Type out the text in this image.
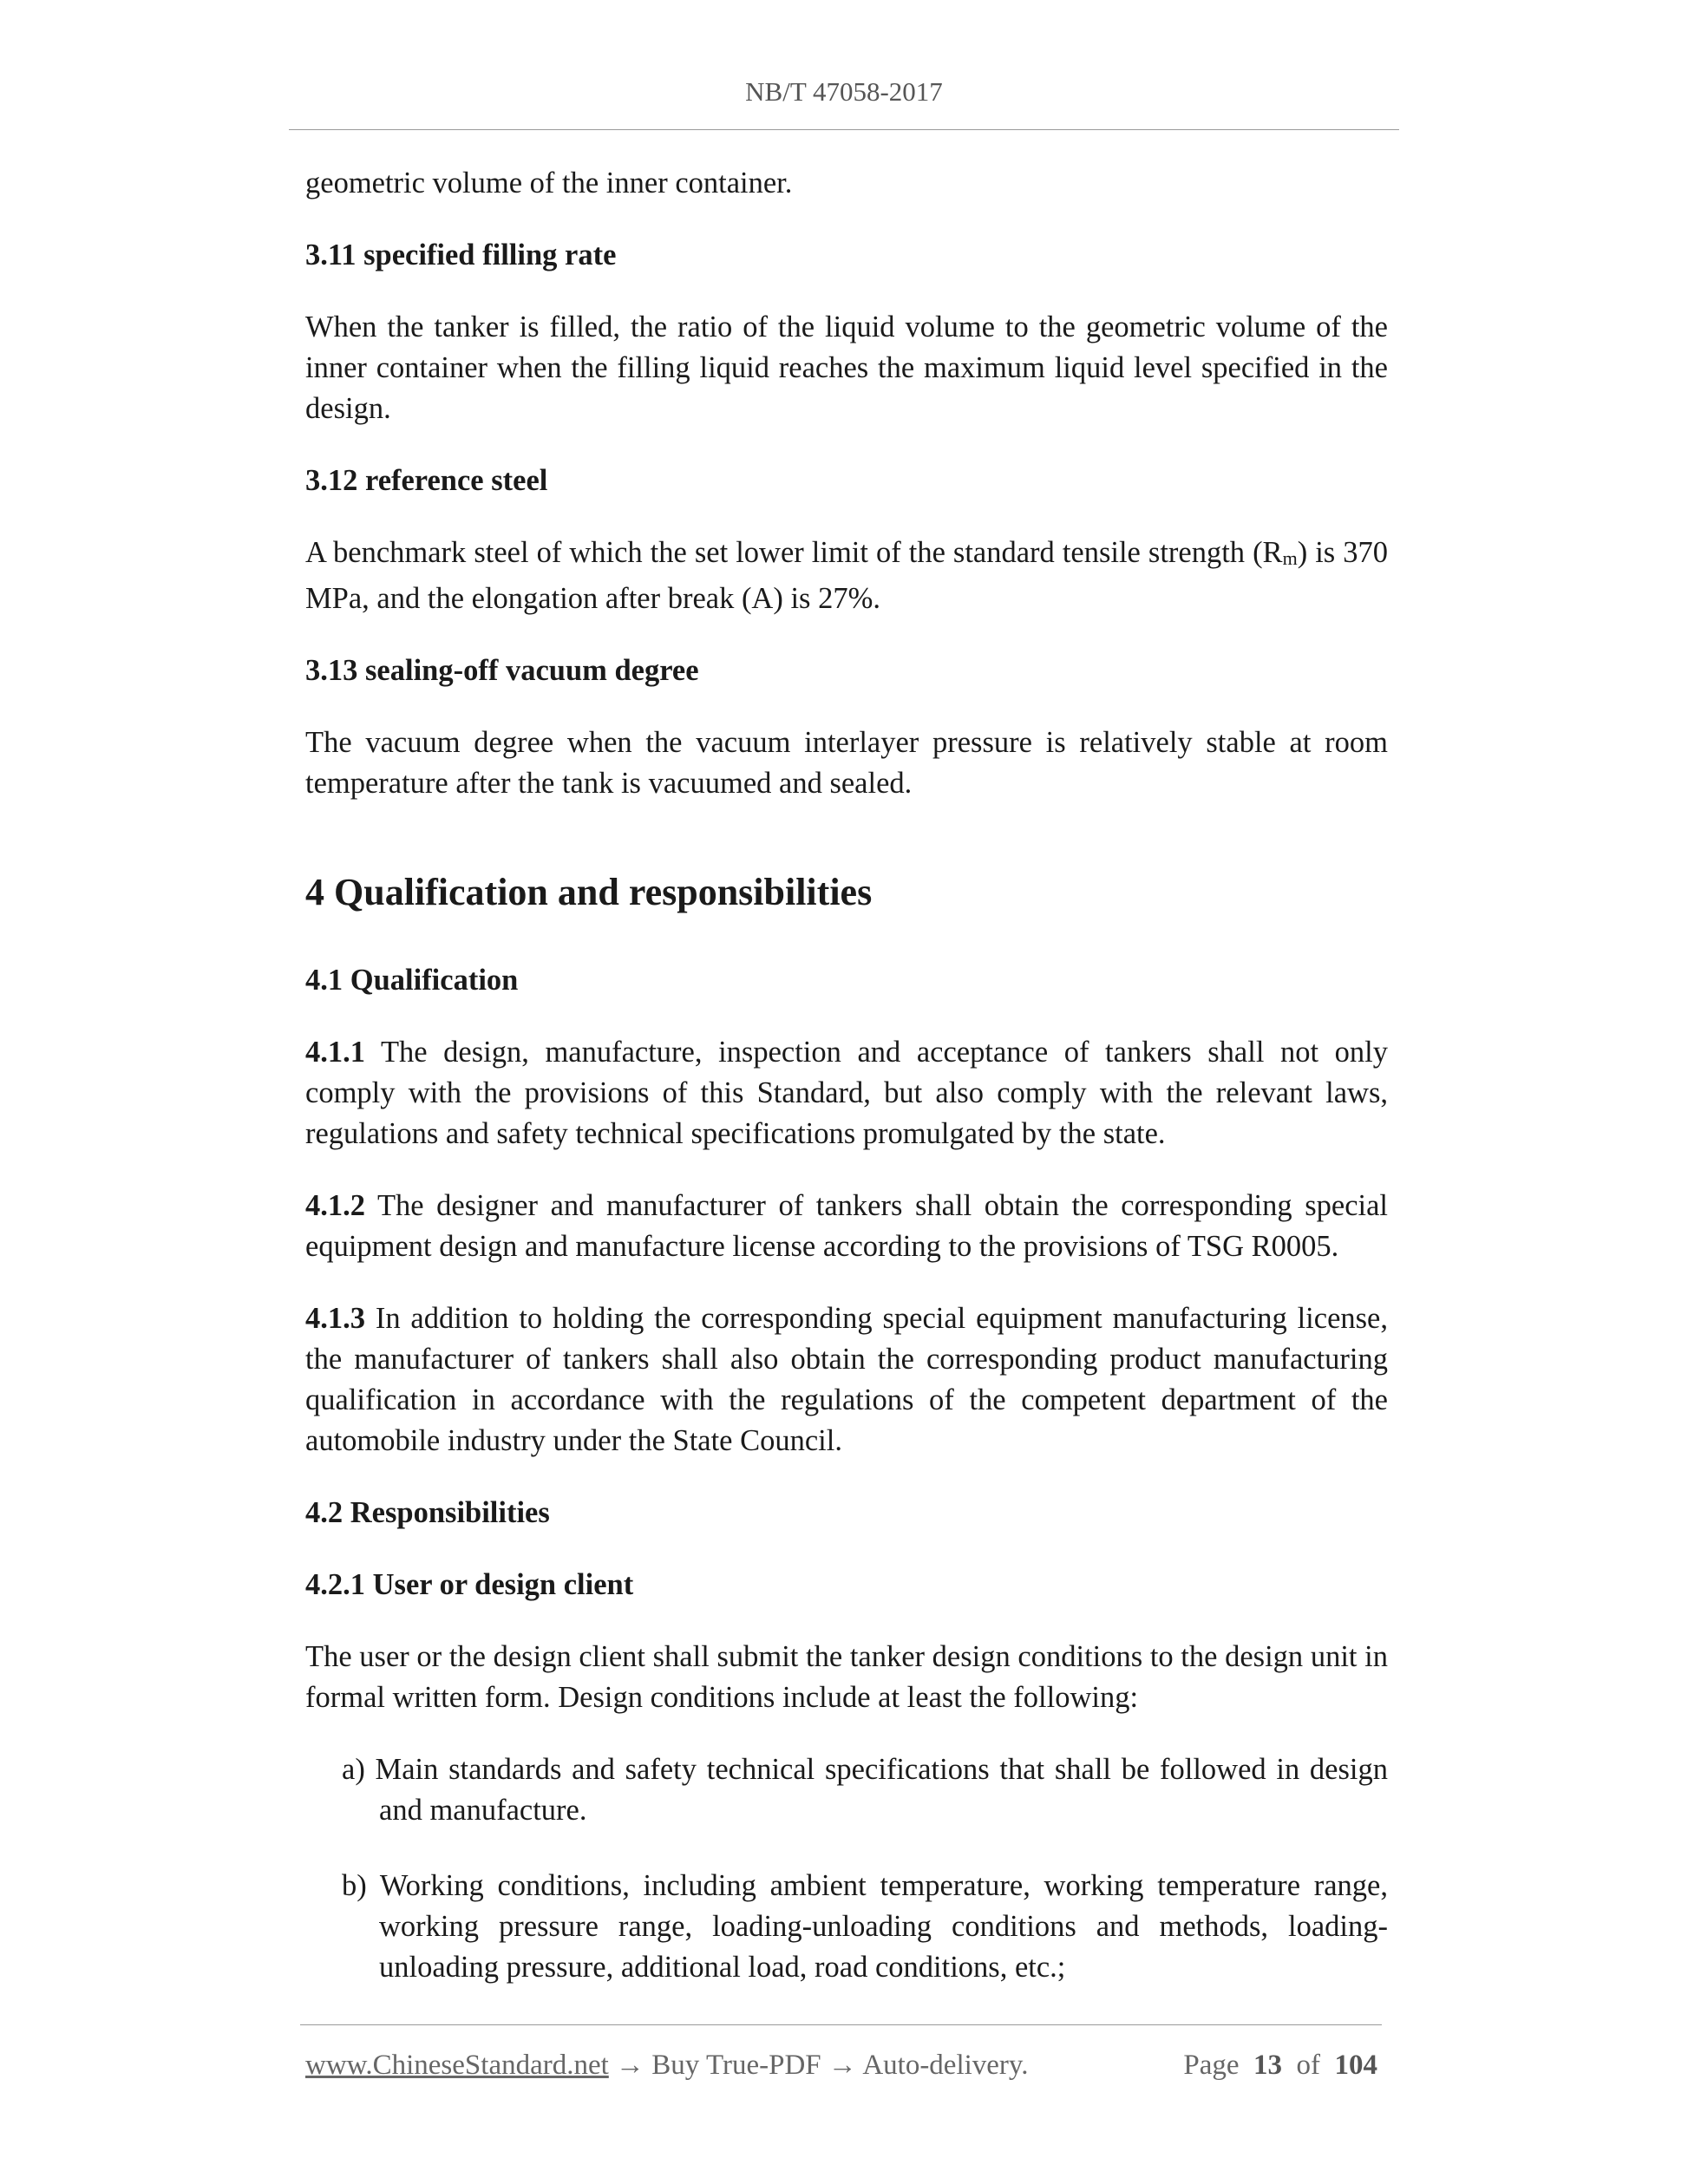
NB/T 47058-2017

geometric volume of the inner container.

3.11 specified filling rate

When the tanker is filled, the ratio of the liquid volume to the geometric volume of the inner container when the filling liquid reaches the maximum liquid level specified in the design.

3.12 reference steel

A benchmark steel of which the set lower limit of the standard tensile strength (Rm) is 370 MPa, and the elongation after break (A) is 27%.

3.13 sealing-off vacuum degree

The vacuum degree when the vacuum interlayer pressure is relatively stable at room temperature after the tank is vacuumed and sealed.

4 Qualification and responsibilities

4.1 Qualification

4.1.1 The design, manufacture, inspection and acceptance of tankers shall not only comply with the provisions of this Standard, but also comply with the relevant laws, regulations and safety technical specifications promulgated by the state.

4.1.2 The designer and manufacturer of tankers shall obtain the corresponding special equipment design and manufacture license according to the provisions of TSG R0005.

4.1.3 In addition to holding the corresponding special equipment manufacturing license, the manufacturer of tankers shall also obtain the corresponding product manufacturing qualification in accordance with the regulations of the competent department of the automobile industry under the State Council.

4.2 Responsibilities

4.2.1 User or design client

The user or the design client shall submit the tanker design conditions to the design unit in formal written form. Design conditions include at least the following:

a) Main standards and safety technical specifications that shall be followed in design and manufacture.

b) Working conditions, including ambient temperature, working temperature range, working pressure range, loading-unloading conditions and methods, loading-unloading pressure, additional load, road conditions, etc.;

www.ChineseStandard.net → Buy True-PDF → Auto-delivery.	Page 13 of 104
